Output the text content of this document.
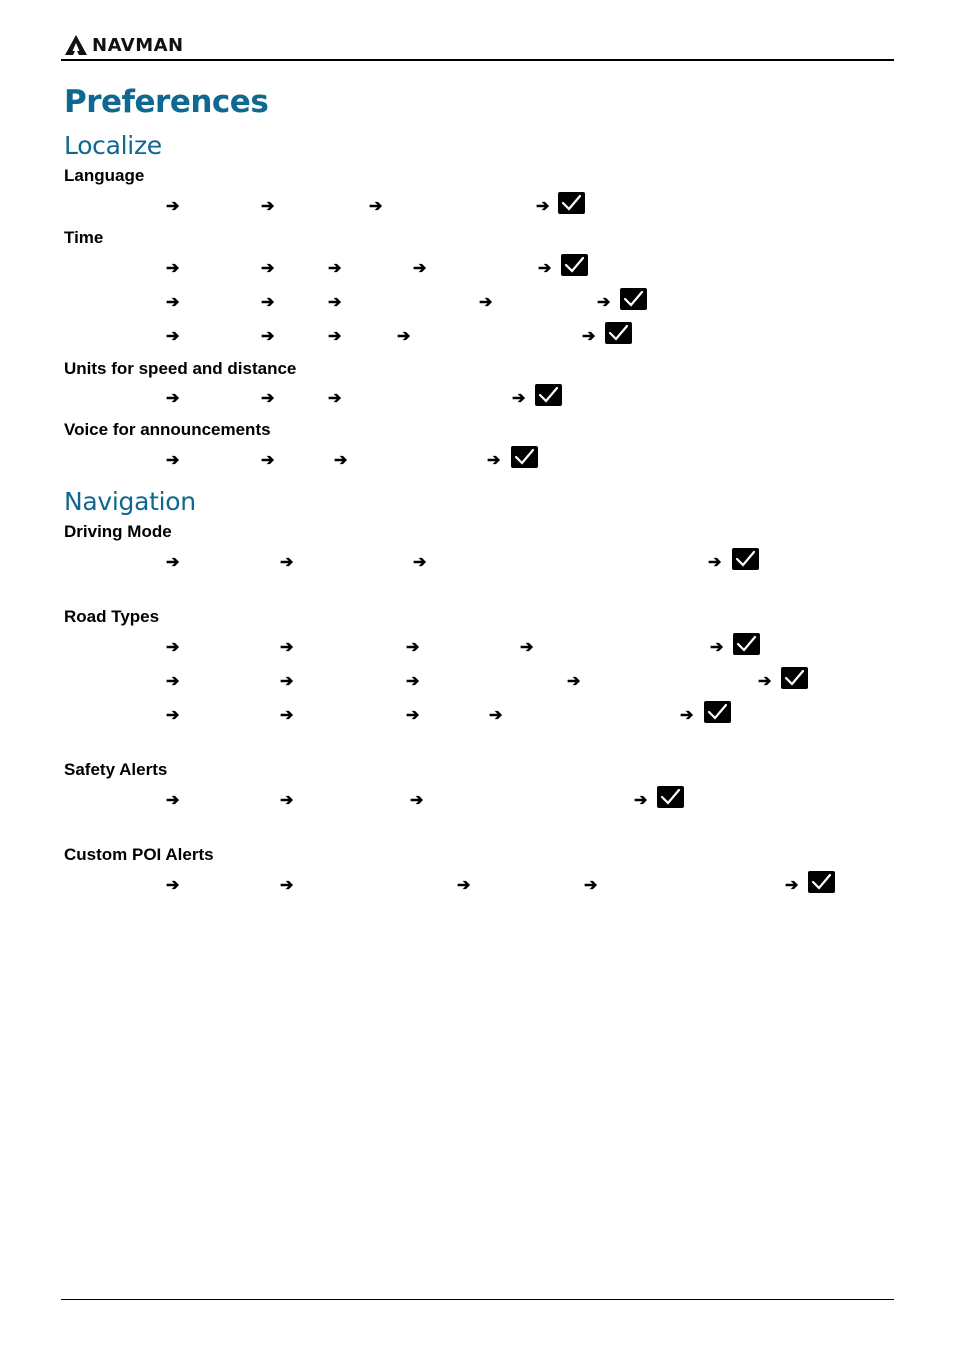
NAVMAN
Preferences
Localize

Language

➔	➔	➔	➔

Time

➔	➔	➔	➔	➔
➔	➔	➔	➔	➔
➔	➔	➔	➔	➔

Units for speed and distance

➔	➔	➔	➔

Voice for announcements

➔	➔	➔	➔
Navigation

Driving Mode

➔	➔	➔	➔

Road Types

➔	➔	➔	➔	➔
➔	➔	➔	➔	➔
➔	➔	➔	➔	➔

Safety Alerts

➔	➔	➔	➔

Custom POI Alerts

➔	➔	➔	➔	➔
